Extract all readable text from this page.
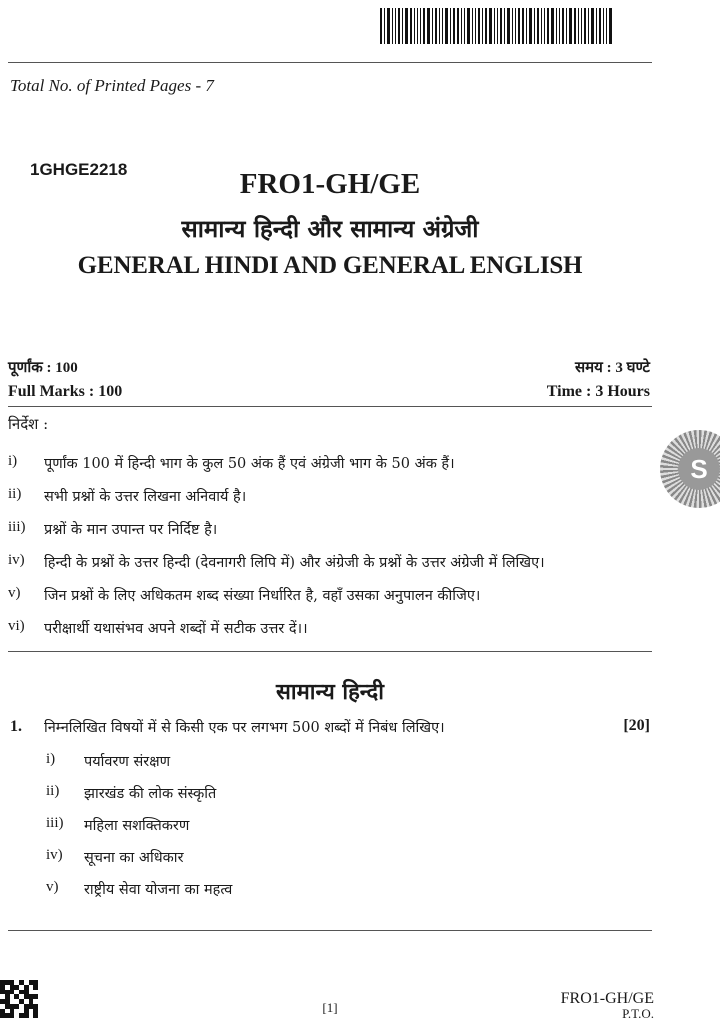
Total No. of Printed Pages - 7
1GHGE2218	FRO1-GH/GE
सामान्य हिन्दी और सामान्य अंग्रेजी
GENERAL HINDI AND GENERAL ENGLISH
पूर्णांक : 100	समय : 3 घण्टे
Full Marks : 100	Time : 3 Hours
निर्देश :
i)	पूर्णांक 100 में हिन्दी भाग के कुल 50 अंक हैं एवं अंग्रेजी भाग के 50 अंक हैं।
ii)	सभी प्रश्नों के उत्तर लिखना अनिवार्य है।
iii)	प्रश्नों के मान उपान्त पर निर्दिष्ट है।
iv)	हिन्दी के प्रश्नों के उत्तर हिन्दी (देवनागरी लिपि में) और अंग्रेजी के प्रश्नों के उत्तर अंग्रेजी में लिखिए।
v)	जिन प्रश्नों के लिए अधिकतम शब्द संख्या निर्धारित है, वहाँ उसका अनुपालन कीजिए।
vi)	परीक्षार्थी यथासंभव अपने शब्दों में सटीक उत्तर दें।।
सामान्य हिन्दी
1. निम्नलिखित विषयों में से किसी एक पर लगभग 500 शब्दों में निबंध लिखिए।	[20]
i)	पर्यावरण संरक्षण
ii)	झारखंड की लोक संस्कृति
iii)	महिला सशक्तिकरण
iv)	सूचना का अधिकार
v)	राष्ट्रीय सेवा योजना का महत्व
[1]
FRO1-GH/GE
P.T.O.
S
